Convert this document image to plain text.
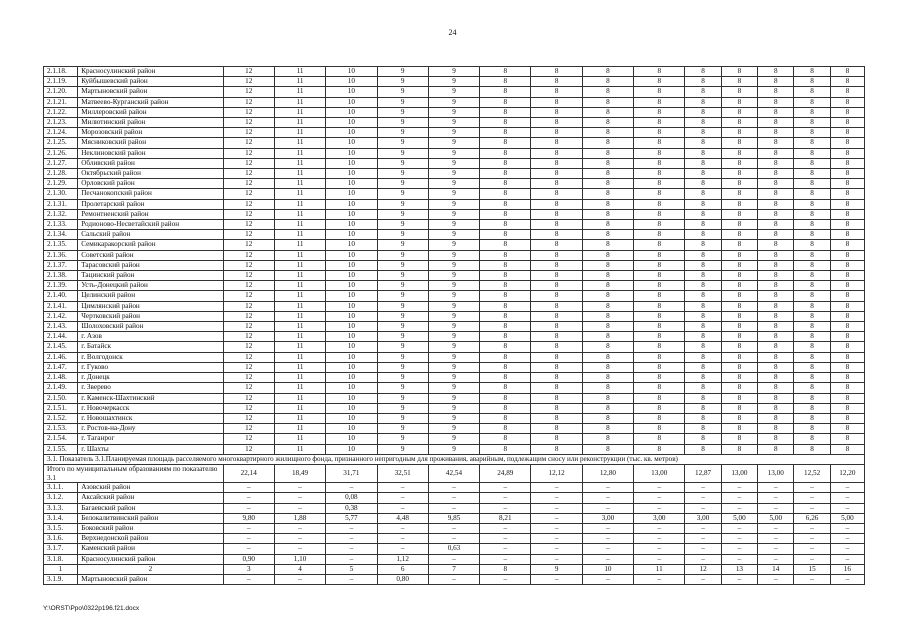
24
2.1.18.	Красносулинский район	12	11	10	9	9	8	8	8	8	8	8	8	8	8
2.1.19.	Куйбышевский район	12	11	10	9	9	8	8	8	8	8	8	8	8	8
2.1.20.	Мартыновский район	12	11	10	9	9	8	8	8	8	8	8	8	8	8
2.1.21.	Матвеево-Курганский район	12	11	10	9	9	8	8	8	8	8	8	8	8	8
2.1.22.	Миллеровский район	12	11	10	9	9	8	8	8	8	8	8	8	8	8
2.1.23.	Милютинский район	12	11	10	9	9	8	8	8	8	8	8	8	8	8
2.1.24.	Морозовский район	12	11	10	9	9	8	8	8	8	8	8	8	8	8
2.1.25.	Мясниковский район	12	11	10	9	9	8	8	8	8	8	8	8	8	8
2.1.26.	Неклиновский район	12	11	10	9	9	8	8	8	8	8	8	8	8	8
2.1.27.	Обливский район	12	11	10	9	9	8	8	8	8	8	8	8	8	8
2.1.28.	Октябрьский район	12	11	10	9	9	8	8	8	8	8	8	8	8	8
2.1.29.	Орловский район	12	11	10	9	9	8	8	8	8	8	8	8	8	8
2.1.30.	Песчанокопский район	12	11	10	9	9	8	8	8	8	8	8	8	8	8
2.1.31.	Пролетарский район	12	11	10	9	9	8	8	8	8	8	8	8	8	8
2.1.32.	Ремонтненский район	12	11	10	9	9	8	8	8	8	8	8	8	8	8
2.1.33.	Родионово-Несветайский район	12	11	10	9	9	8	8	8	8	8	8	8	8	8
2.1.34.	Сальский район	12	11	10	9	9	8	8	8	8	8	8	8	8	8
2.1.35.	Семикаракорский район	12	11	10	9	9	8	8	8	8	8	8	8	8	8
2.1.36.	Советский район	12	11	10	9	9	8	8	8	8	8	8	8	8	8
2.1.37.	Тарасовский район	12	11	10	9	9	8	8	8	8	8	8	8	8	8
2.1.38.	Тацинский район	12	11	10	9	9	8	8	8	8	8	8	8	8	8
2.1.39.	Усть-Донецкий район	12	11	10	9	9	8	8	8	8	8	8	8	8	8
2.1.40.	Целинский район	12	11	10	9	9	8	8	8	8	8	8	8	8	8
2.1.41.	Цимлянский район	12	11	10	9	9	8	8	8	8	8	8	8	8	8
2.1.42.	Чертковский район	12	11	10	9	9	8	8	8	8	8	8	8	8	8
2.1.43.	Шолоховский район	12	11	10	9	9	8	8	8	8	8	8	8	8	8
2.1.44.	г. Азов	12	11	10	9	9	8	8	8	8	8	8	8	8	8
2.1.45.	г. Батайск	12	11	10	9	9	8	8	8	8	8	8	8	8	8
2.1.46.	г. Волгодонск	12	11	10	9	9	8	8	8	8	8	8	8	8	8
2.1.47.	г. Гуково	12	11	10	9	9	8	8	8	8	8	8	8	8	8
2.1.48.	г. Донецк	12	11	10	9	9	8	8	8	8	8	8	8	8	8
2.1.49.	г. Зверево	12	11	10	9	9	8	8	8	8	8	8	8	8	8
2.1.50.	г. Каменск-Шахтинский	12	11	10	9	9	8	8	8	8	8	8	8	8	8
2.1.51.	г. Новочеркасск	12	11	10	9	9	8	8	8	8	8	8	8	8	8
2.1.52.	г. Новошахтинск	12	11	10	9	9	8	8	8	8	8	8	8	8	8
2.1.53.	г. Ростов-на-Дону	12	11	10	9	9	8	8	8	8	8	8	8	8	8
2.1.54.	г. Таганрог	12	11	10	9	9	8	8	8	8	8	8	8	8	8
2.1.55.	г. Шахты	12	11	10	9	9	8	8	8	8	8	8	8	8	8
3.1. Показатель 3.1.Планируемая площадь расселяемого многоквартирного жилищного фонда, признанного непригодным для проживания, аварийным, подлежащим сносу или реконструкции (тыс. кв. метров)															
Итого по муниципальным образованиям по показателю 3.1		22,14	18,49	31,71	32,51	42,54	24,89	12,12	12,80	13,00	12,87	13,00	13,00	12,52	12,20
3.1.1.	Азовский район	–	–	–	–	–	–	–	–	–	–	–	–	–	–
3.1.2.	Аксайский район	–	–	0,08	–	–	–	–	–	–	–	–	–	–	–
3.1.3.	Багаевский район	–	–	0,38	–	–	–	–	–	–	–	–	–	–	–
3.1.4.	Белокалитвинский район	9,80	1,88	5,77	4,48	9,85	8,21	–	3,00	3,00	3,00	5,00	5,00	6,26	5,00
3.1.5.	Боковский район	–	–	–	–	–	–	–	–	–	–	–	–	–	–
3.1.6.	Верхнедонской район	–	–	–	–	–	–	–	–	–	–	–	–	–	–
3.1.7.	Каменский район	–	–	–	–	0,63	–	–	–	–	–	–	–	–	–
3.1.8.	Красносулинский район	0,90	1,10	–	1,12	–	–	–	–	–	–	–	–	–	–
1	2	3	4	5	6	7	8	9	10	11	12	13	14	15	16
3.1.9.	Мартыновский район	–	–	–	0,80	–	–	–	–	–	–	–	–	–	–
Y:\ORST\Ppo\0322p196.f21.docx
